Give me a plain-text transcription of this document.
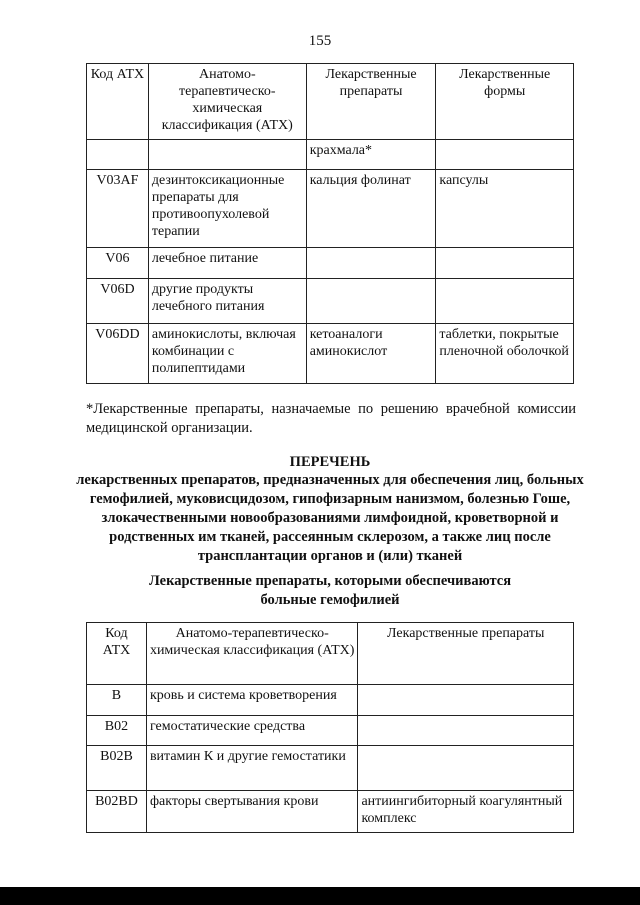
155
Код АТХ	Анатомо-терапевтическо-химическая классификация (АТХ)	Лекарственные препараты	Лекарственные формы
		крахмала*	
V03AF	дезинтоксикационные препараты для противоопухолевой терапии	кальция фолинат	капсулы
V06	лечебное питание		
V06D	другие продукты лечебного питания		
V06DD	аминокислоты, включая комбинации с полипептидами	кетоаналоги аминокислот	таблетки, покрытые пленочной оболочкой
*Лекарственные препараты, назначаемые по решению врачебной комиссии медицинской организации.
ПЕРЕЧЕНЬ
лекарственных препаратов, предназначенных для обеспечения лиц, больных гемофилией, муковисцидозом, гипофизарным нанизмом, болезнью Гоше, злокачественными новообразованиями лимфоидной, кроветворной и родственных им тканей, рассеянным склерозом, а также лиц после трансплантации органов и (или) тканей
Лекарственные препараты, которыми обеспечиваются больные гемофилией
Код АТХ	Анатомо-терапевтическо-химическая классификация (АТХ)	Лекарственные препараты
B	кровь и система кроветворения	
B02	гемостатические средства	
B02B	витамин К и другие гемостатики	
B02BD	факторы свертывания крови	антиингибиторный коагулянтный комплекс
